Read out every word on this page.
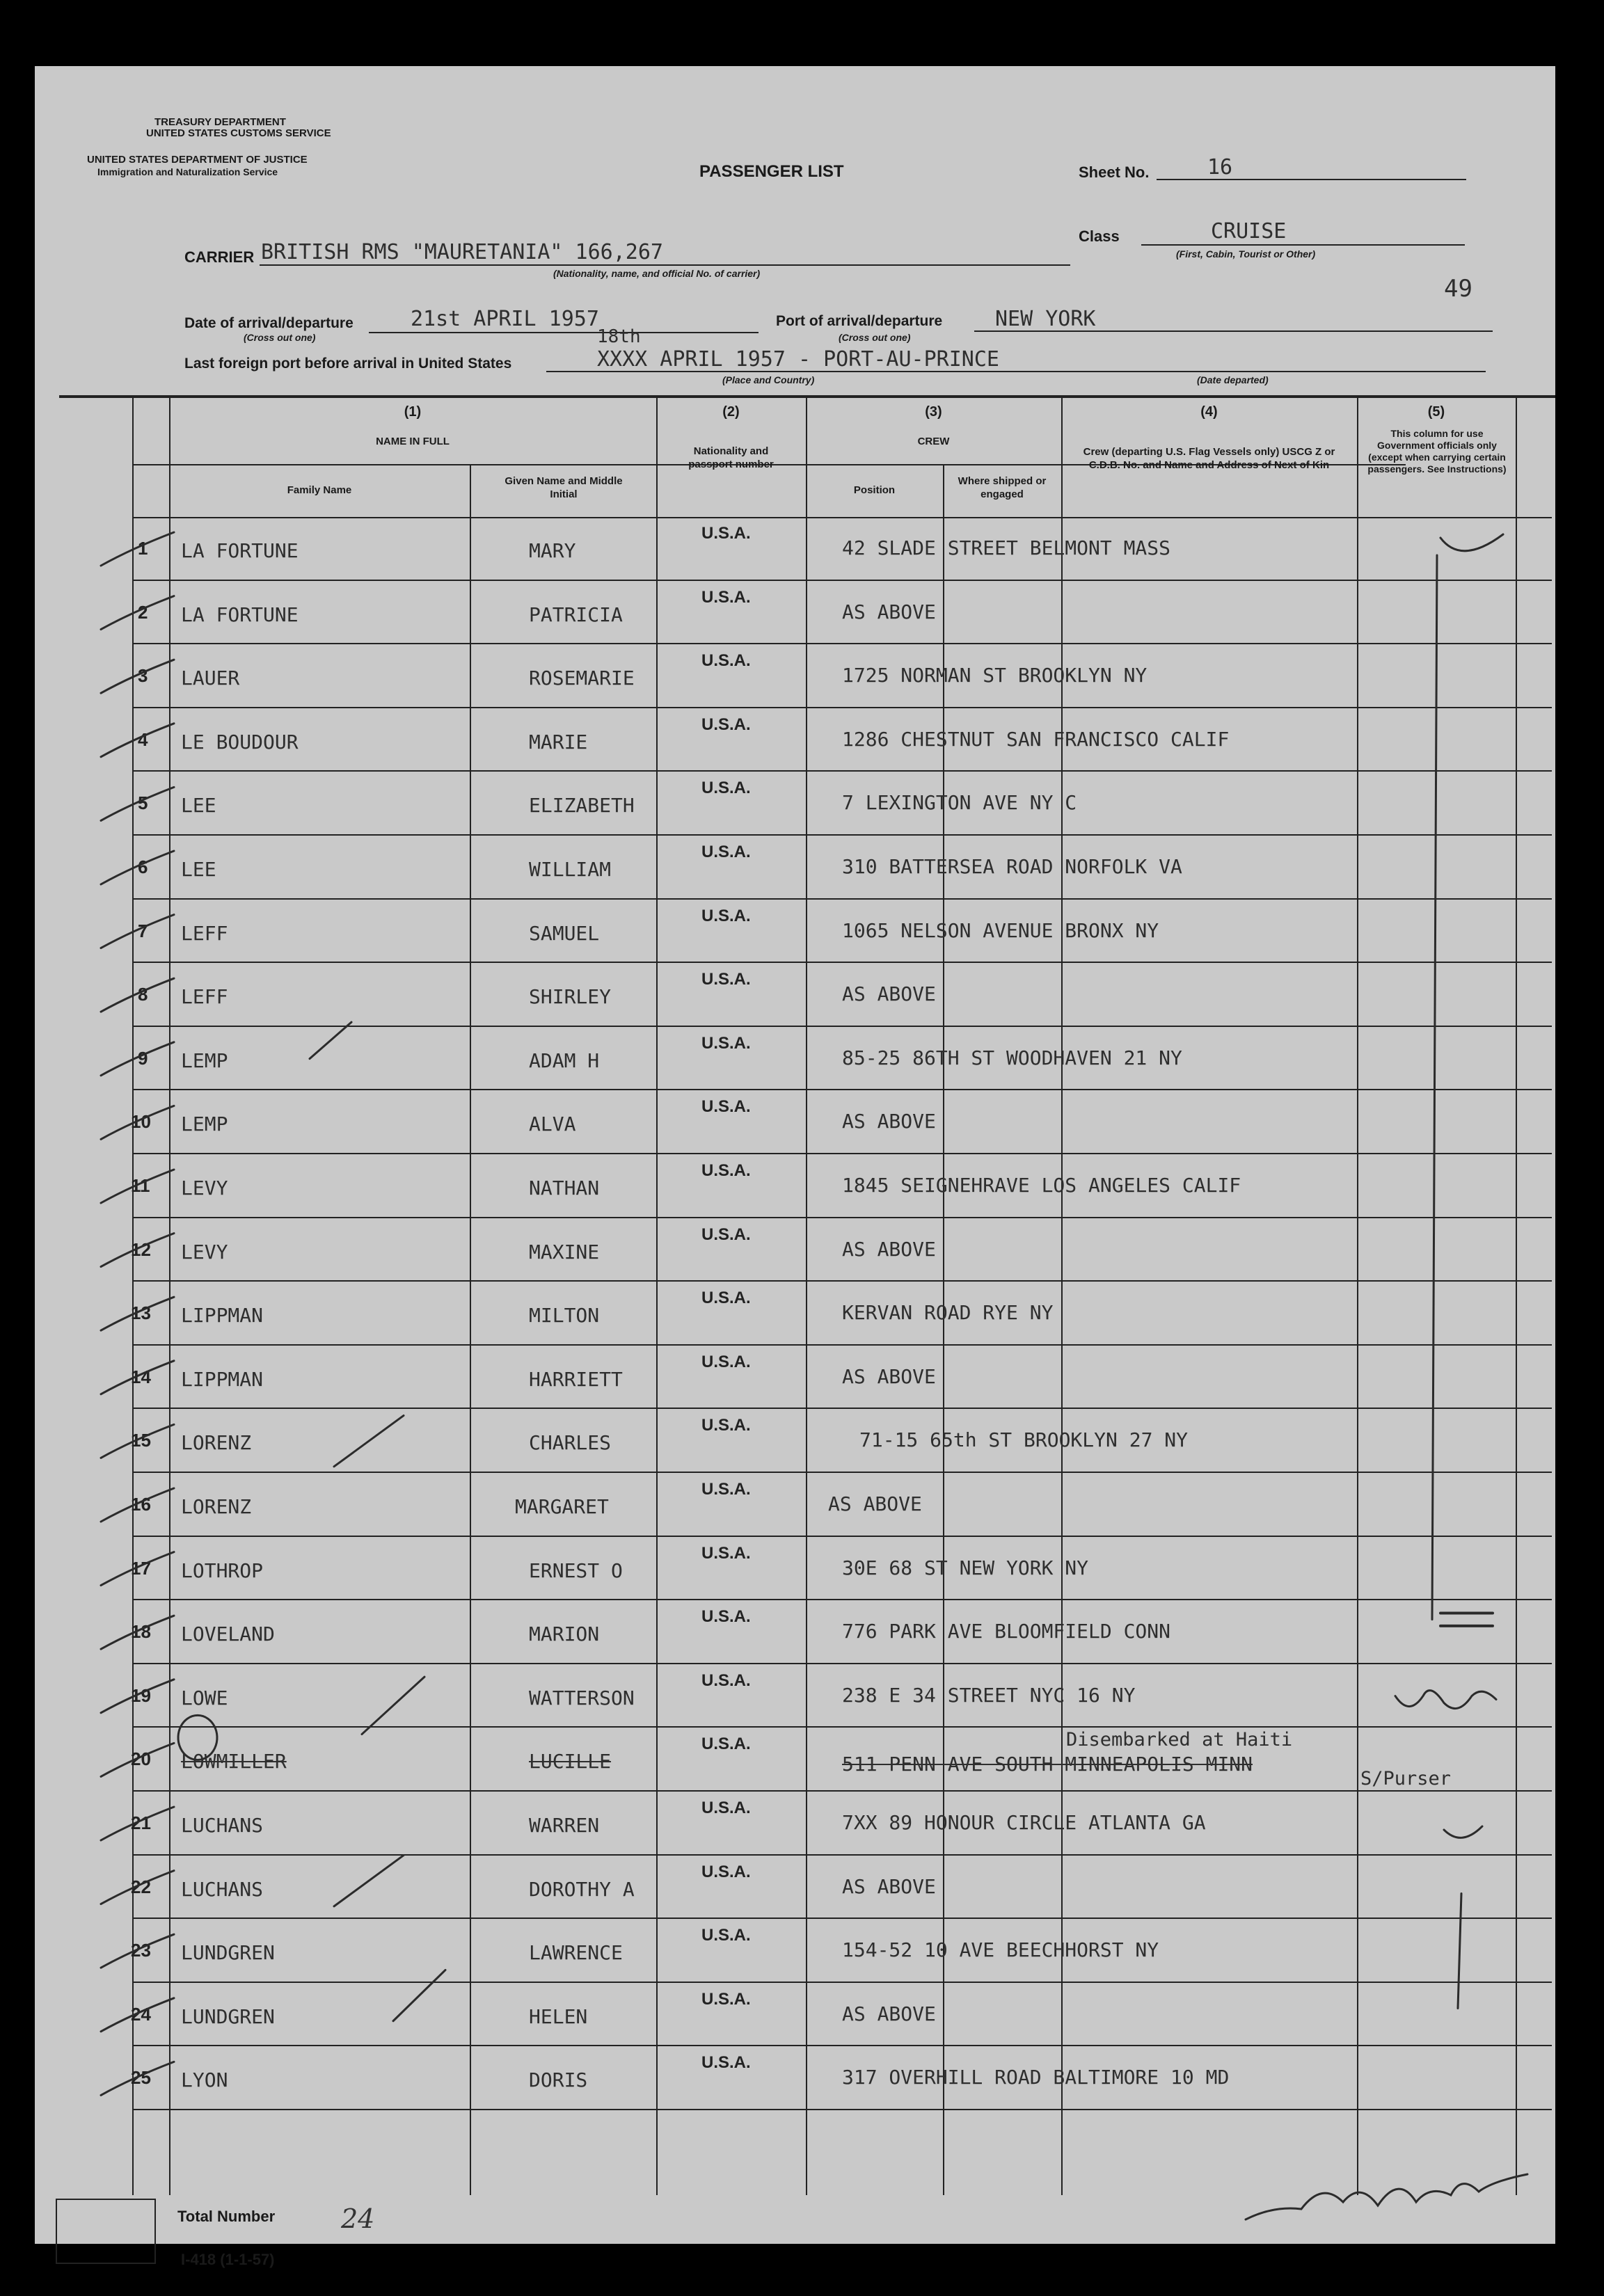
TREASURY DEPARTMENT
UNITED STATES CUSTOMS SERVICE
UNITED STATES DEPARTMENT OF JUSTICE
Immigration and Naturalization Service	PASSENGER LIST	Sheet No.	16
Class	CRUISE
(First, Cabin, Tourist or Other)
49
CARRIER BRITISH RMS "MAURETANIA" 166,267
(Nationality, name, and official No. of carrier)
Date of arrival/departure
(Cross out one)
21st APRIL 1957	Port of arrival/departure
(Cross out one)
NEW YORK
Last foreign port before arrival in United States
18th
XXXX APRIL 1957 - PORT-AU-PRINCE
(Place and Country)	(Date departed)
(1)
NAME IN FULL
Family Name
Given Name and Middle Initial
(2)
Nationality and passport number
(3)
CREW
Position
Where shipped or engaged
(4)
Crew (departing U.S. Flag Vessels only) USCG Z or C.D.B. No. and Name and Address of Next of Kin
(5)
This column for use Government officials only (except when carrying certain passengers. See Instructions)
1 LA FORTUNE	MARY
U.S.A.
42 SLADE STREET BELMONT MASS
2 LA FORTUNE	PATRICIA
U.S.A.
AS ABOVE
3 LAUER	ROSEMARIE
U.S.A.
1725 NORMAN ST BROOKLYN NY
4 LE BOUDOUR	MARIE
U.S.A.
1286 CHESTNUT SAN FRANCISCO CALIF
5 LEE	ELIZABETH
U.S.A.
7 LEXINGTON AVE NY C
6 LEE	WILLIAM
U.S.A.
310 BATTERSEA ROAD NORFOLK VA
7 LEFF	SAMUEL
U.S.A.
1065 NELSON AVENUE BRONX NY
8 LEFF	SHIRLEY
U.S.A.
AS ABOVE
9 LEMP	ADAM H
U.S.A.
85-25 86TH ST WOODHAVEN 21 NY
10 LEMP	ALVA
U.S.A.
AS ABOVE
11 LEVY	NATHAN
U.S.A.
1845 SEIGNEHRAVE LOS ANGELES CALIF
12 LEVY	MAXINE
U.S.A.
AS ABOVE
13 LIPPMAN	MILTON
U.S.A.
KERVAN ROAD RYE NY
14 LIPPMAN	HARRIETT
U.S.A.
AS ABOVE
15 LORENZ	CHARLES
U.S.A.
71-15 65th ST BROOKLYN 27 NY
16 LORENZ	MARGARET
U.S.A.
AS ABOVE
17 LOTHROP	ERNEST O
U.S.A.
30E 68 ST NEW YORK NY
18 LOVELAND	MARION
U.S.A.
776 PARK AVE BLOOMFIELD CONN
19 LOWE	WATTERSON
U.S.A.
238 E 34 STREET NYC 16 NY
20 LOWMILLER	LUCILLE
U.S.A.
511 PENN AVE SOUTH MINNEAPOLIS MINN
21 LUCHANS	WARREN
U.S.A.
7XX 89 HONOUR CIRCLE ATLANTA GA
22 LUCHANS	DOROTHY A
U.S.A.
AS ABOVE
23 LUNDGREN	LAWRENCE
U.S.A.
154-52 10 AVE BEECHHORST NY
24 LUNDGREN	HELEN
U.S.A.
AS ABOVE
25 LYON	DORIS
U.S.A.
317 OVERHILL ROAD BALTIMORE 10 MD
Disembarked at Haiti
S/Purser
Total Number 24
I-418 (1-1-57)
